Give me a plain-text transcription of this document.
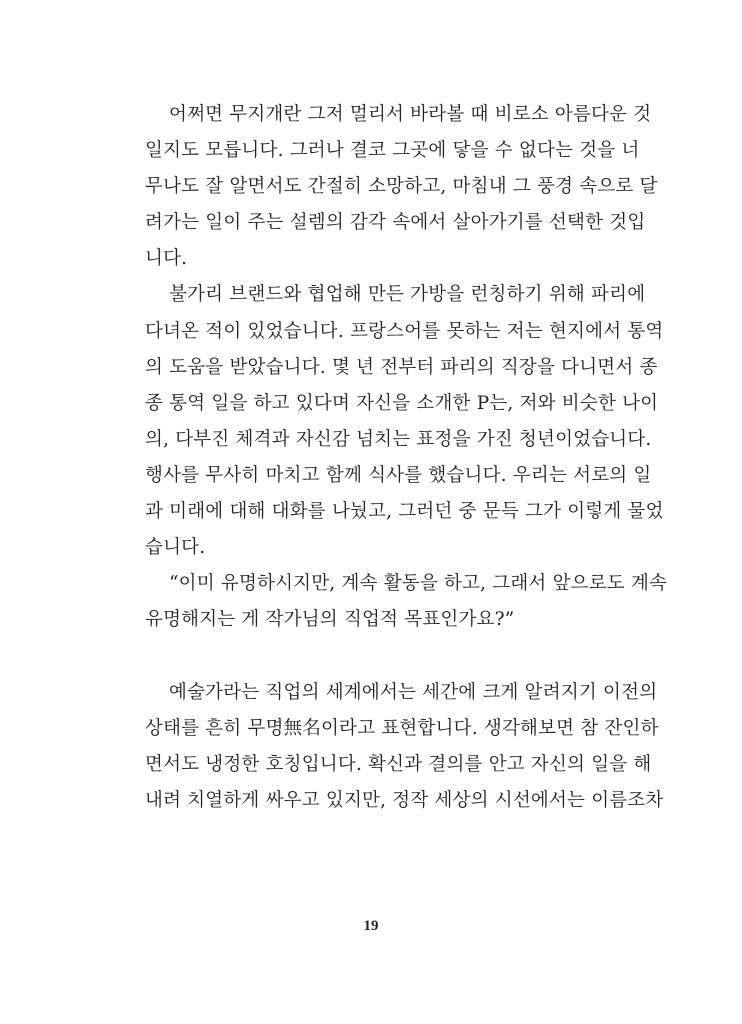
어쩌면 무지개란 그저 멀리서 바라볼 때 비로소 아름다운 것
일지도 모릅니다. 그러나 결코 그곳에 닿을 수 없다는 것을 너
무나도 잘 알면서도 간절히 소망하고, 마침내 그 풍경 속으로 달
려가는 일이 주는 설렘의 감각 속에서 살아가기를 선택한 것입
니다.
불가리 브랜드와 협업해 만든 가방을 런칭하기 위해 파리에
다녀온 적이 있었습니다. 프랑스어를 못하는 저는 현지에서 통역
의 도움을 받았습니다. 몇 년 전부터 파리의 직장을 다니면서 종
종 통역 일을 하고 있다며 자신을 소개한 P는, 저와 비슷한 나이
의, 다부진 체격과 자신감 넘치는 표정을 가진 청년이었습니다.
행사를 무사히 마치고 함께 식사를 했습니다. 우리는 서로의 일
과 미래에 대해 대화를 나눴고, 그러던 중 문득 그가 이렇게 물었
습니다.
“이미 유명하시지만, 계속 활동을 하고, 그래서 앞으로도 계속
유명해지는 게 작가님의 직업적 목표인가요?”
예술가라는 직업의 세계에서는 세간에 크게 알려지기 이전의
상태를 흔히 무명無名이라고 표현합니다. 생각해보면 참 잔인하
면서도 냉정한 호칭입니다. 확신과 결의를 안고 자신의 일을 해
내려 치열하게 싸우고 있지만, 정작 세상의 시선에서는 이름조차
19
